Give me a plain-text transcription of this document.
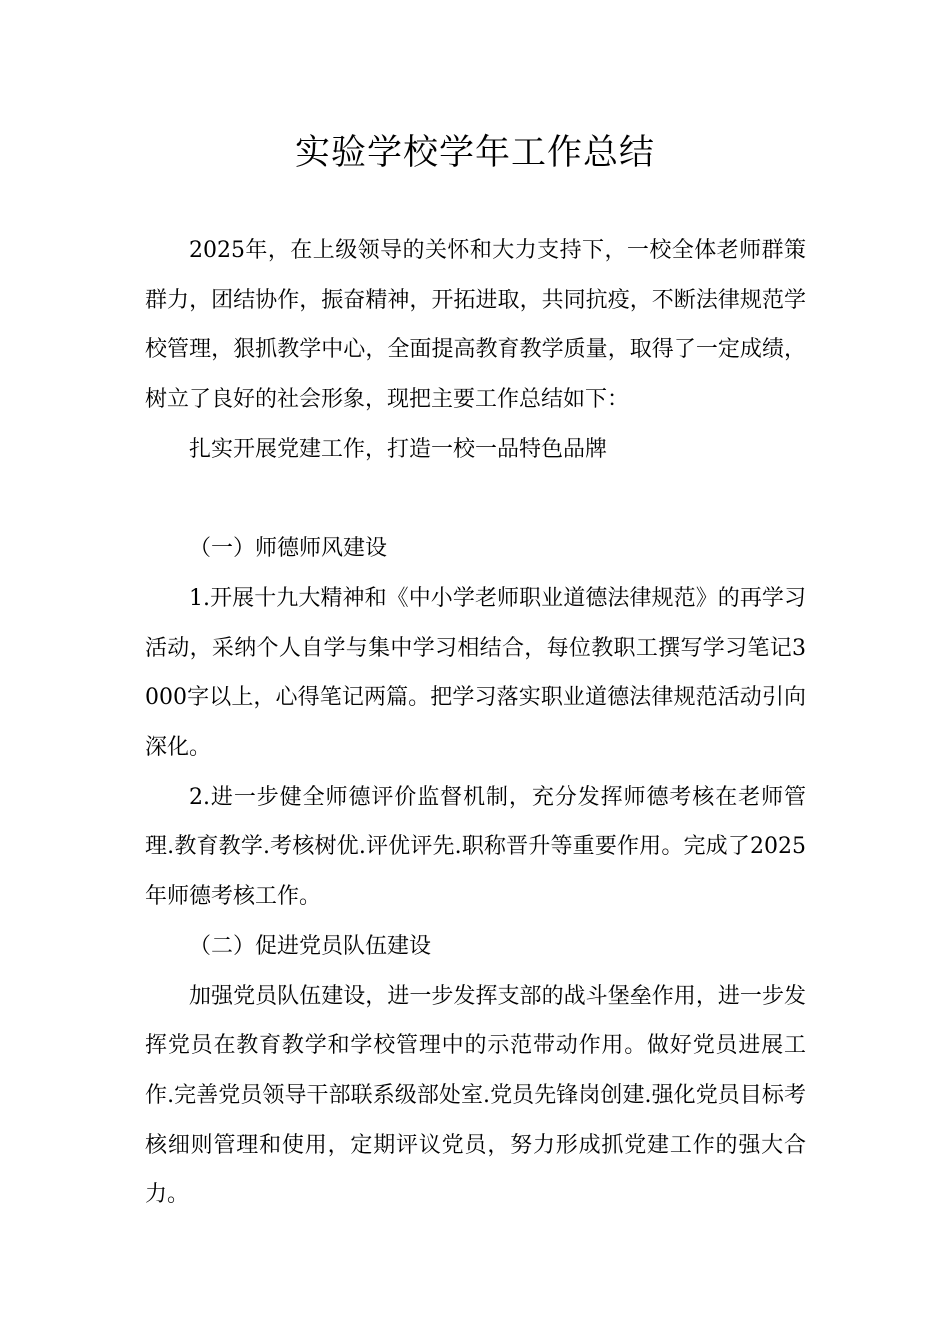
实验学校学年工作总结

2025年，在上级领导的关怀和大力支持下，一校全体老师群策群力，团结协作，振奋精神，开拓进取，共同抗疫，不断法律规范学校管理，狠抓教学中心，全面提高教育教学质量，取得了一定成绩，树立了良好的社会形象，现把主要工作总结如下：

扎实开展党建工作，打造一校一品特色品牌

（一）师德师风建设

1.开展十九大精神和《中小学老师职业道德法律规范》的再学习活动，采纳个人自学与集中学习相结合，每位教职工撰写学习笔记3000字以上，心得笔记两篇。把学习落实职业道德法律规范活动引向深化。

2.进一步健全师德评价监督机制，充分发挥师德考核在老师管理.教育教学.考核树优.评优评先.职称晋升等重要作用。完成了2025年师德考核工作。

（二）促进党员队伍建设

加强党员队伍建设，进一步发挥支部的战斗堡垒作用，进一步发挥党员在教育教学和学校管理中的示范带动作用。做好党员进展工作.完善党员领导干部联系级部处室.党员先锋岗创建.强化党员目标考核细则管理和使用，定期评议党员，努力形成抓党建工作的强大合力。
